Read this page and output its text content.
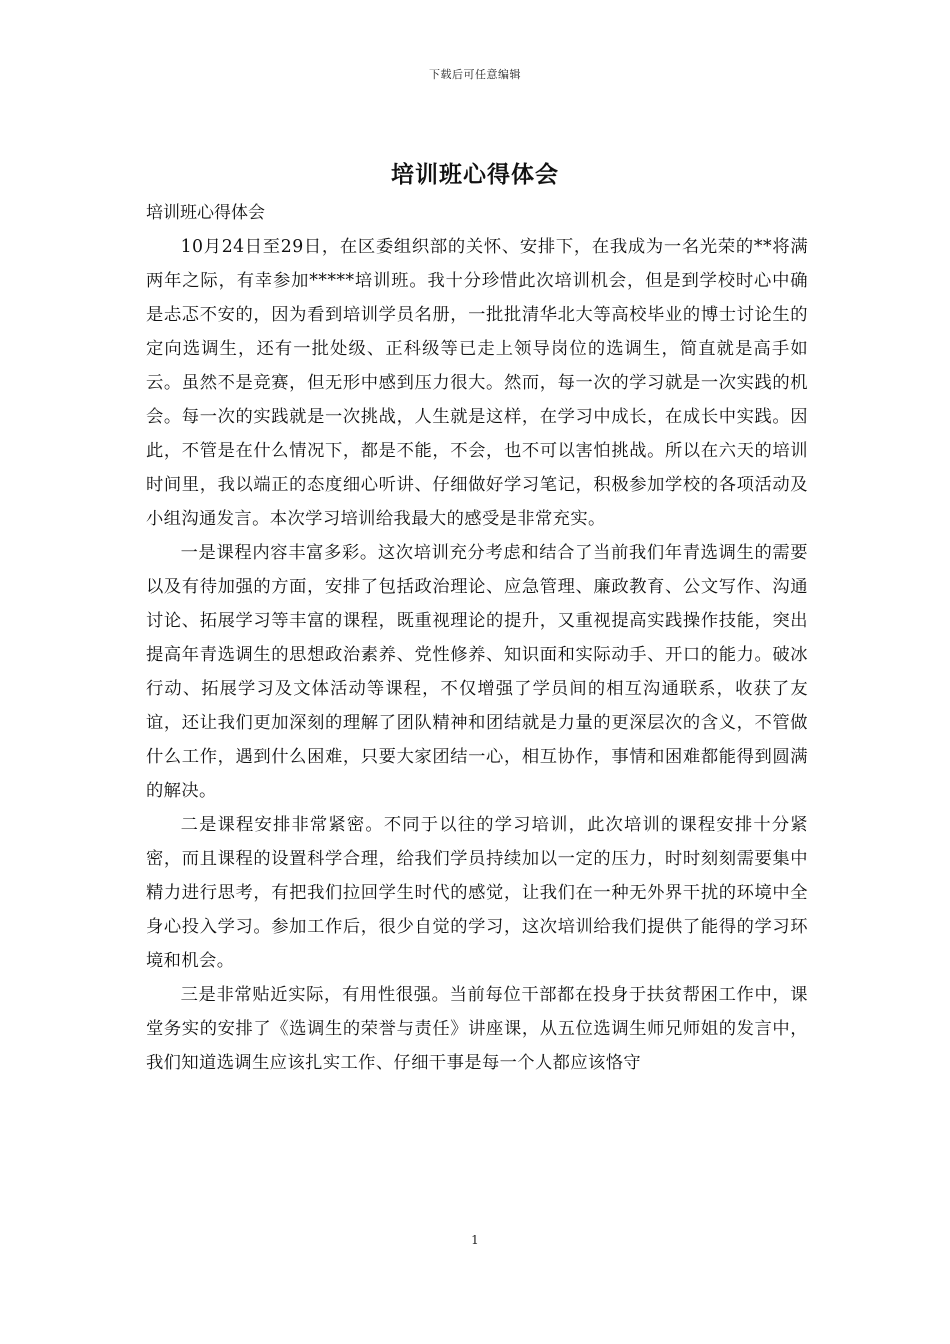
下载后可任意编辑
培训班心得体会
培训班心得体会

10月24日至29日，在区委组织部的关怀、安排下，在我成为一名光荣的**将满两年之际，有幸参加*****培训班。我十分珍惜此次培训机会，但是到学校时心中确是忐忑不安的，因为看到培训学员名册，一批批清华北大等高校毕业的博士讨论生的定向选调生，还有一批处级、正科级等已走上领导岗位的选调生，简直就是高手如云。虽然不是竞赛，但无形中感到压力很大。然而，每一次的学习就是一次实践的机会。每一次的实践就是一次挑战，人生就是这样，在学习中成长，在成长中实践。因此，不管是在什么情况下，都是不能，不会，也不可以害怕挑战。所以在六天的培训时间里，我以端正的态度细心听讲、仔细做好学习笔记，积极参加学校的各项活动及小组沟通发言。本次学习培训给我最大的感受是非常充实。

一是课程内容丰富多彩。这次培训充分考虑和结合了当前我们年青选调生的需要以及有待加强的方面，安排了包括政治理论、应急管理、廉政教育、公文写作、沟通讨论、拓展学习等丰富的课程，既重视理论的提升，又重视提高实践操作技能，突出提高年青选调生的思想政治素养、党性修养、知识面和实际动手、开口的能力。破冰行动、拓展学习及文体活动等课程，不仅增强了学员间的相互沟通联系，收获了友谊，还让我们更加深刻的理解了团队精神和团结就是力量的更深层次的含义，不管做什么工作，遇到什么困难，只要大家团结一心，相互协作，事情和困难都能得到圆满的解决。

二是课程安排非常紧密。不同于以往的学习培训，此次培训的课程安排十分紧密，而且课程的设置科学合理，给我们学员持续加以一定的压力，时时刻刻需要集中精力进行思考，有把我们拉回学生时代的感觉，让我们在一种无外界干扰的环境中全身心投入学习。参加工作后，很少自觉的学习，这次培训给我们提供了能得的学习环境和机会。

三是非常贴近实际，有用性很强。当前每位干部都在投身于扶贫帮困工作中，课堂务实的安排了《选调生的荣誉与责任》讲座课，从五位选调生师兄师姐的发言中，我们知道选调生应该扎实工作、仔细干事是每一个人都应该恪守

1
